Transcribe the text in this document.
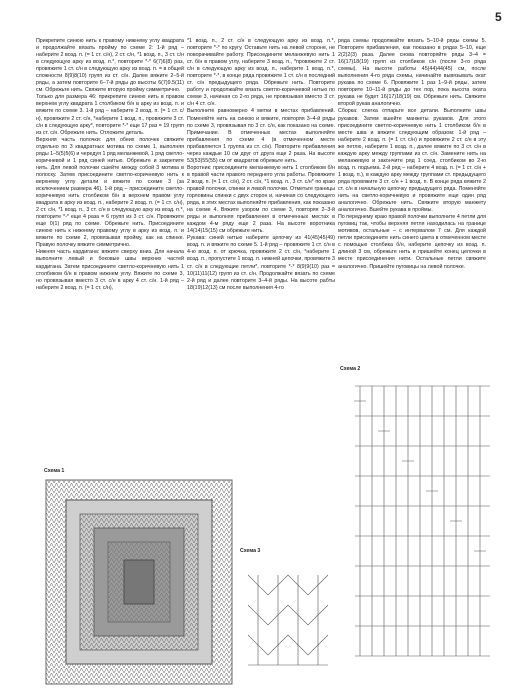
5
Прикрепите синюю нить к правому нижнему углу квадрата и продолжайте вязать пройму по схеме 2: 1-й ряд – наберите 2 возд. п. (= 1 ст. с/н), 2 ст. с/н, *1 возд. п., 3 ст. с/н в следующую арку из возд. п.*, повторите *-* 6(7)6(8) раз, провяжите 1 ст. с/н в следующую арку из возд. п. = в общей сложности 8(9)8(10) групп из ст. с/н. Далее вяжите 2–5-й ряды, а затем повторите 6–7-й ряды до высоты 6(7)9.5(11) см. Обрежьте нить. Свяжите вторую пройму симметрично.
Только для размера 46: прикрепите синюю нить в правом верхнем углу квадрата 1 столбиком б/н в арку из возд. п. и вяжите по схеме 3. 1-й ряд – наберите 2 возд. п. (= 1 ст. с/н), провяжите 2 ст. с/н, *наберите 1 возд. п., провяжите 3 ст. с/н в следующую арку*, повторите *-* еще 17 раз = 19 групп из ст. с/н. Обрежьте нить. Отложите деталь.
Верхняя часть полочки: для обеих полочек свяжите отдельно по 3 квадратных мотива по схеме 1, выполняя ряды 1–5(5)5(6) и чередуя 1 ряд меланжевой, 1 ряд светло-коричневой и 1 ряд синей нитью. Обрежьте и закрепите нить. Для левой полочки сшейте между собой 3 мотива в полоску. Затем присоедините светло-коричневую нить к верхнему углу детали и вяжите по схеме 3 (за исключением размера 46). 1-й ряд – присоедините светло-коричневую нить столбиком б/н в верхнем правом углу квадрата в арку из возд. п., наберите 2 возд. п. (= 1 ст. с/н), 2 ст. с/н, *1 возд. п., 3 ст. с/н в следующую арку из возд. п.*, повторите *-* еще 4 раза = 6 групп из 3 ст. с/н. Провяжите еще 0(1) ряд по схеме. Обрежьте нить. Присоедините синюю нить к нижнему правому углу в арку из возд. п. и вяжите по схеме 2, провязывая пройму, как на спинке. Правую полочку вяжите симметрично.
Нижняя часть кардигана: вяжите сверху вниз. Для начала выполните левый и боковые швы верхних частей кардигана. Затем присоедините светло-коричневую нить 1 столбиком б/н в правом нижнем углу. Вяжите по схеме 3, но провязывая вместо 3 ст. с/н в арку 4 ст. с/н. 1-й ряд – наберите 2 возд. п. (= 1 ст. с/н),
*1 возд. п., 2 ст. с/н в следующую арку из возд. п.*, повторите *-* по кругу. Оставьте нить на левой стороне, не поворачивайте работу. Присоедините меланжевую нить 1 ст. б/н в правом углу, наберите 3 возд. п., *провяжите 2 ст. с/н в следующую арку из возд. п., наберите 1 возд. п.*, повторите *-*, в конце ряда провяжите 1 ст. с/н в последний ст. с/н предыдущего ряда. Обрежьте нить. Повторите работу и продолжайте вязать светло-коричневой нитью по схеме 3, начиная со 2-го ряда, не провязывая вместо 3 ст. с/н 4 ст. с/н.
Выполните равномерно 4 метки в местах прибавлений. Поменяйте нить на синюю и вяжите, повторяя 3–4-й ряды по схеме 3, провязывая по 3 ст. с/н, как показано на схеме. Примечание. В отмеченных местах выполняйте прибавления по схеме 4 (в отмеченном месте прибавляется 1 группа из ст. с/н). Повторите прибавления через каждые 10 см друг от друга еще 2 раза. На высоте 53(53)55(55) см от квадратов обрежьте нить.
Воротник: присоедините меланжевую нить 1 столбиком б/н в правой части правого переднего угла работы. Провяжите 2 возд. п. (= 1 ст. с/н), 2 ст. с/н, *1 возд. п., 3 ст. с/н* по краю правой полочки, спинки и левой полочки. Отметьте границы горловины спинки с двух сторон и, начиная со следующего ряда, в этих местах выполняйте прибавления, как показано на схеме 4. Вяжите узором по схеме 3, повторяя 2–3-й ряды и выполняя прибавления в отмеченных местах в каждом 4-м ряду еще 2 раза. На высоте воротника 14(14)15(15) см обрежьте нить.
Рукава: синей нитью наберите цепочку из 41(45)45(49) возд. п. и вяжите по схеме 5. 1-й ряд – провяжите 1 ст. с/н в 4-ю возд. п. от крючка, провяжите 2 ст. с/н, *наберите 1 возд. п., пропустите 1 возд. п. нижней цепочки, провяжите 3 ст. с/н в следующие петли*, повторите *-* 8(9)9(10) раз = 10(11)11(12) групп из ст. с/н. Продолжайте вязать по схеме 2-й ряд и далее повторите 3–4-й ряды. На высоте рабты 18(19)12(13) см после выполнения 4-го
ряда схемы продолжайте вязать 5–10-й ряды схемы 5. Повторите прибавления, как показано в рядах 5–10, еще 2(2)2(3) раза. Далее снова повторяйте ряды 3–4 = 16(17)18(19) групп из столбиков с/н (после 3-го ряда схемы). На высоте работы 45(44)44(45) см, после выполнения 4-го ряда схемы, начинайте вывязывать окат рукава по схеме 6. Провяжите 1 раз 1–9-й ряды, затем повторите 10–11-й ряды до тех пор, пока высота оката рукава не будет 16(17)18(19) см. Обрежьте нить. Свяжите второй рукав аналогично.
Сборка: слегка отпарьте все детали. Выполните швы рукавов. Затем вшейте манжеты рукавов. Для этого присоедините светло-коричневую нить 1 столбиком б/н в месте шва и вяжите следующим образом: 1-й ряд – наберите 2 возд. п. (= 1 ст. с/н) и провяжите 2 ст. с/н в эту же петлю, наберите 1 возд. п., далее вяжите по 3 ст. с/н в каждую арку между группами из ст. с/н. Замените нить на меланжевую и закончите ряд 1 соед. столбиком во 2-ю возд. п. подъема. 2-й ряд – наберите 4 возд. п. (= 1 ст. с/н + 1 возд. п.), в каждую арку между группами ст. предыдущего ряда провяжите 3 ст. с/н + 1 возд. п. В конце ряда вяжите 2 ст. с/н в начальную цепочку предыдущего ряда. Поменяйте нить на светло-коричневую и провяжите еще один ряд аналогично. Обрежьте нить. Свяжите вторую манжету аналогично. Вшейте рукава в проймы.
По переднему краю правой полочки выполните 4 петли для пуговиц так, чтобы верхняя петля находилась на границе мотивов, остальные – с интервалом 7 см. Для каждой петли присоедините нить синего цвета в отмеченном месте с помощью столбика б/н, наберите цепочку из возд. п. длиной 3 см, обрежьте нить и пришейте конец цепочки в месте присоединения нити. Остальные петли свяжите аналогично. Пришейте пуговицы на левой полочке.
Схема 1
Схема 2
Схема 3
